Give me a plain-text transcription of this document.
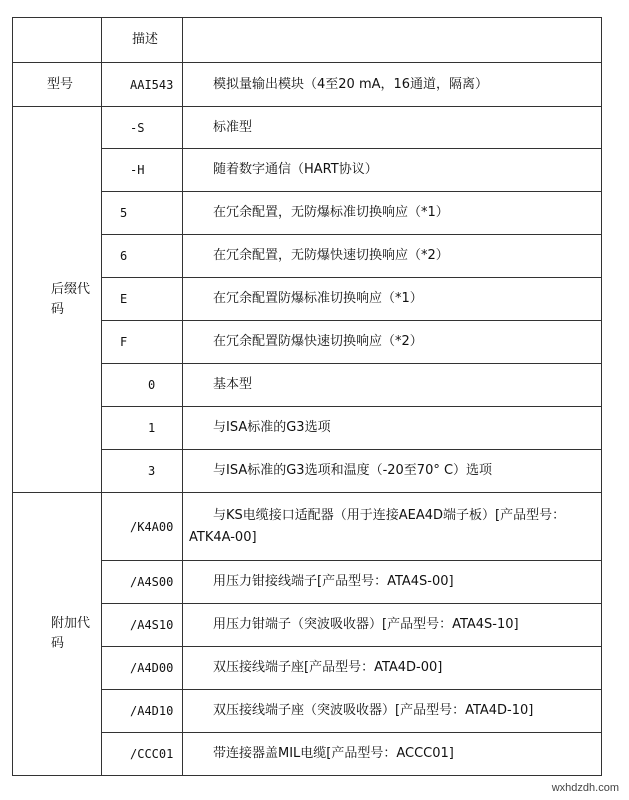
	描述	

型号	AAI543	模拟量输出模块（4至20 mA，16通道，隔离）

后缀代码	-S	标准型

	-H	随着数字通信（HART协议）

	5	在冗余配置，无防爆标准切换响应（*1）

	6	在冗余配置，无防爆快速切换响应（*2）

	E	在冗余配置防爆标准切换响应（*1）

	F	在冗余配置防爆快速切换响应（*2）

	0	基本型

	1	与ISA标准的G3选项

	3	与ISA标准的G3选项和温度（-20至70° C）选项

附加代码	/K4A00	与KS电缆接口适配器（用于连接AEA4D端子板）[产品型号：ATK4A-00]

	/A4S00	用压力钳接线端子[产品型号：ATA4S-00]

	/A4S10	用压力钳端子（突波吸收器）[产品型号：ATA4S-10]

	/A4D00	双压接线端子座[产品型号：ATA4D-00]

	/A4D10	双压接线端子座（突波吸收器）[产品型号：ATA4D-10]

	/CCC01	带连接器盖MIL电缆[产品型号：ACCC01]
wxhdzdh.com
